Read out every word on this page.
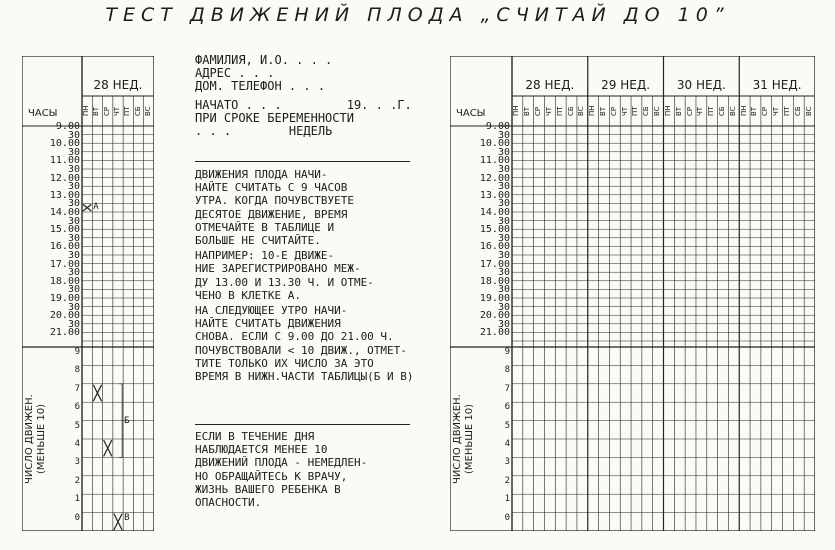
ТЕСТ ДВИЖЕНИЙ ПЛОДА „СЧИТАЙ ДО 10”
28 НЕД.
ПН ВТ СР ЧТ ПТ СБ ВС
ЧАСЫ
9.00
30
10.00
30
11.00
30
12.00
30
13.00
30
14.00
30
15.00
30
16.00
30
17.00
30
18.00
30
19.00
30
20.00
30
21.00
9
8
7
6
5
4
3
2
1
0
ЧИСЛО ДВИЖЕН.
(МЕНЬШЕ 10)
А
Б
В
28 НЕД.	29 НЕД.	30 НЕД.	31 НЕД.
ПН ВТ СР ЧТ ПТ СБ ВС ПН ВТ СР ЧТ ПТ СБ ВС ПН ВТ СР ЧТ ПТ СБ ВС ПН ВТ СР ЧТ ПТ СБ ВС
ЧАСЫ
9.00
30
10.00
30
11.00
30
12.00
30
13.00
30
14.00
30
15.00
30
16.00
30
17.00
30
18.00
30
19.00
30
20.00
30
21.00
9
8
7
6
5
4
3
2
1
0
ЧИСЛО ДВИЖЕН.
(МЕНЬШЕ 10)
ФАМИЛИЯ, И.О. . . .
АДРЕС . . .
ДОМ. ТЕЛЕФОН . . .
НАЧАТО . . .         19. . .Г.
ПРИ СРОКЕ БЕРЕМЕННОСТИ
. . .        НЕДЕЛЬ

ДВИЖЕНИЯ ПЛОДА НАЧИ-
НАЙТЕ СЧИТАТЬ С 9 ЧАСОВ
УТРА. КОГДА ПОЧУВСТВУЕТЕ
ДЕСЯТОЕ ДВИЖЕНИЕ, ВРЕМЯ
ОТМЕЧАЙТЕ В ТАБЛИЦЕ И
БОЛЬШЕ НЕ СЧИТАЙТЕ.

НАПРИМЕР: 10-Е ДВИЖЕ-
НИЕ ЗАРЕГИСТРИРОВАНО МЕЖ-
ДУ 13.00 И 13.30 Ч. И ОТМЕ-
ЧЕНО В КЛЕТКЕ А.

НА СЛЕДУЮЩЕЕ УТРО НАЧИ-
НАЙТЕ СЧИТАТЬ ДВИЖЕНИЯ
СНОВА. ЕСЛИ С 9.00 ДО 21.00 Ч.
ПОЧУВСТВОВАЛИ < 10 ДВИЖ., ОТМЕТ-
ТИТЕ ТОЛЬКО ИХ ЧИСЛО ЗА ЭТО
ВРЕМЯ В НИЖН.ЧАСТИ ТАБЛИЦЫ(Б И В)

ЕСЛИ В ТЕЧЕНИЕ ДНЯ
НАБЛЮДАЕТСЯ МЕНЕЕ 10
ДВИЖЕНИЙ ПЛОДА - НЕМЕДЛЕН-
НО ОБРАЩАЙТЕСЬ К ВРАЧУ,
ЖИЗНЬ ВАШЕГО РЕБЕНКА В
ОПАСНОСТИ.
